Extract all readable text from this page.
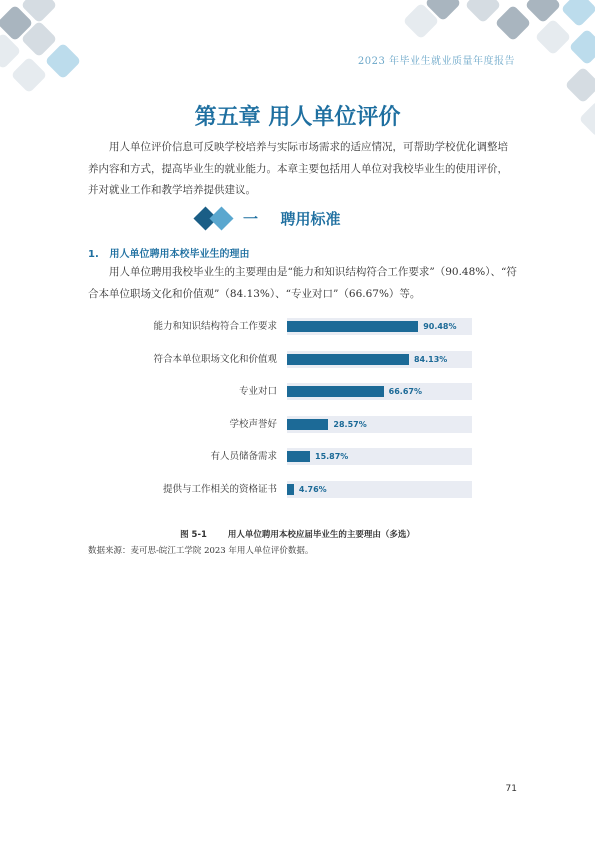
2023 年毕业生就业质量年度报告
第五章 用人单位评价
用人单位评价信息可反映学校培养与实际市场需求的适应情况，可帮助学校优化调整培养内容和方式，提高毕业生的就业能力。本章主要包括用人单位对我校毕业生的使用评价，并对就业工作和教学培养提供建议。
一 聘用标准
1. 用人单位聘用本校毕业生的理由
用人单位聘用我校毕业生的主要理由是“能力和知识结构符合工作要求”（90.48%）、“符合本单位职场文化和价值观”（84.13%）、“专业对口”（66.67%）等。
能力和知识结构符合工作要求	90.48%
符合本单位职场文化和价值观	84.13%
专业对口	66.67%
学校声誉好	28.57%
有人员储备需求	15.87%
提供与工作相关的资格证书	4.76%
图 5-1 用人单位聘用本校应届毕业生的主要理由（多选）
数据来源：麦可思-皖江工学院 2023 年用人单位评价数据。
71
